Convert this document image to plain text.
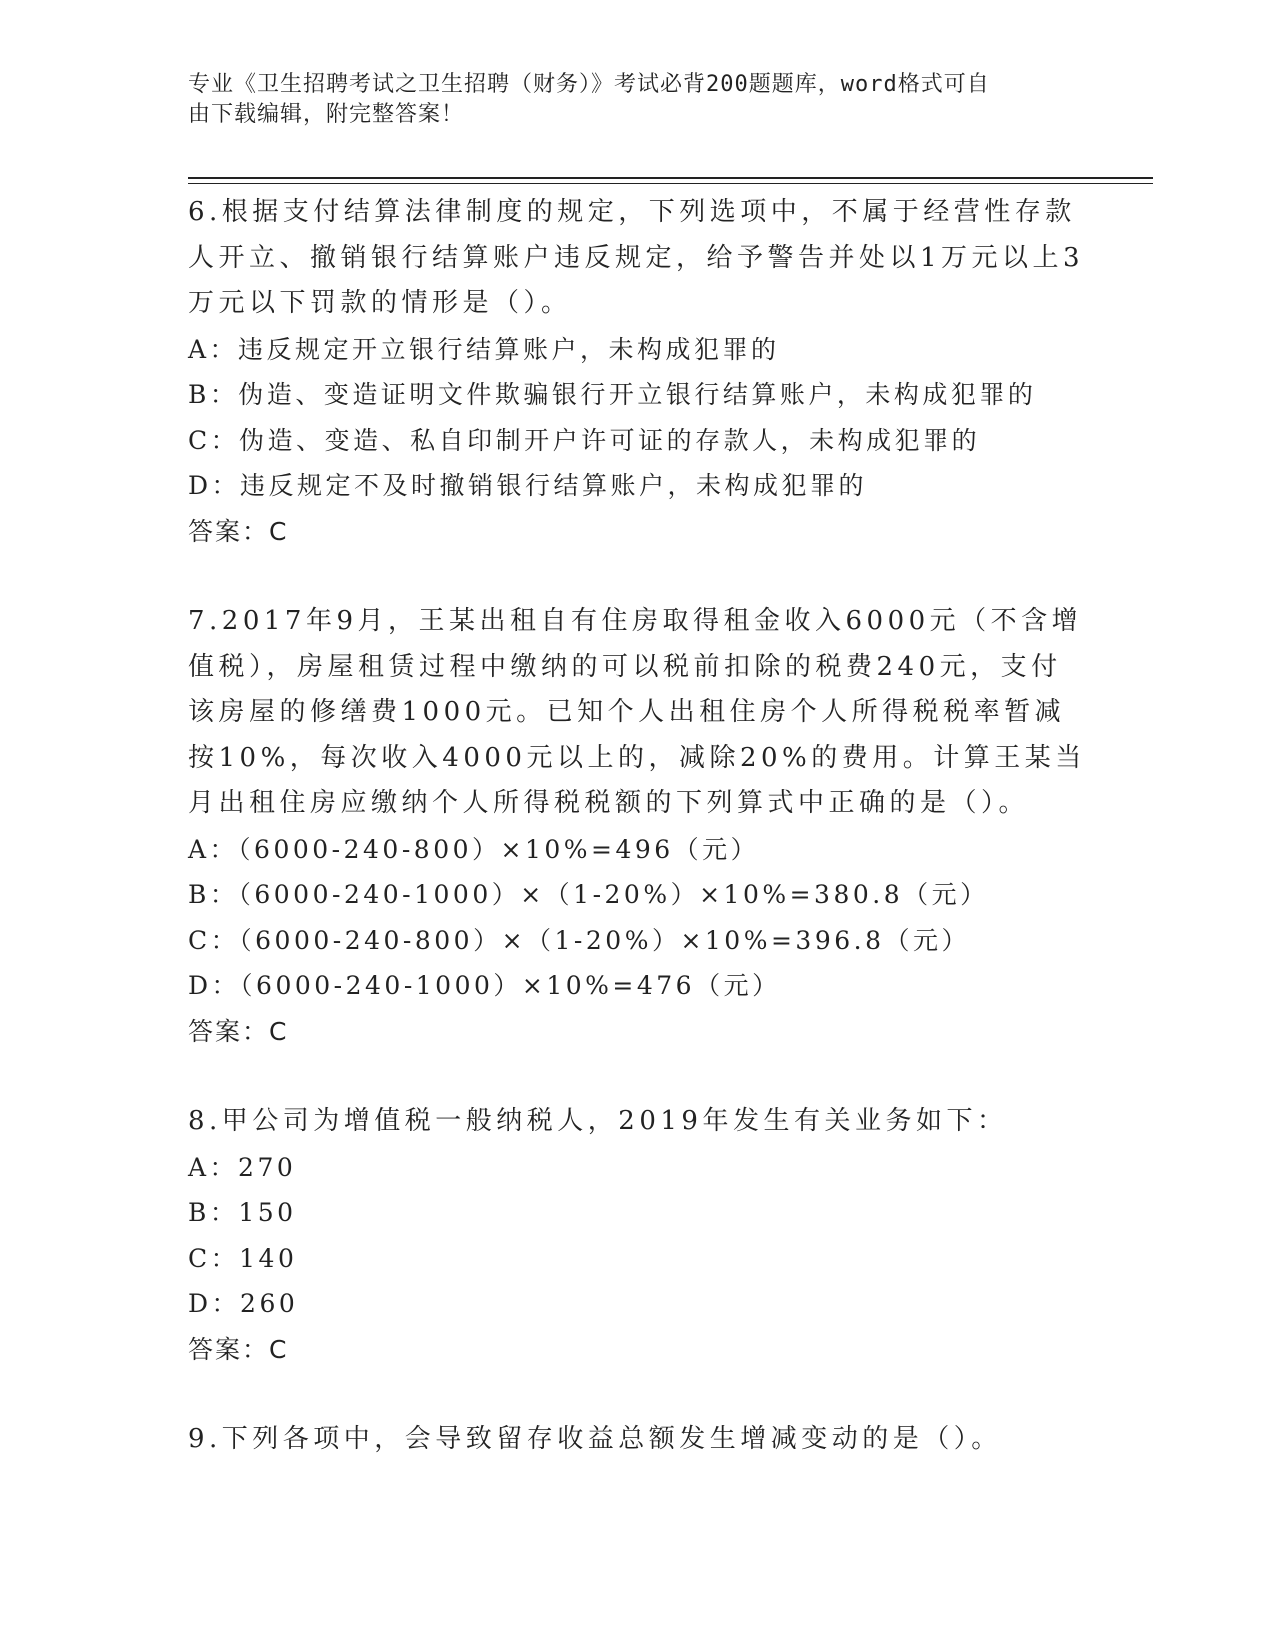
专业《卫生招聘考试之卫生招聘（财务）》考试必背200题题库，word格式可自
由下载编辑，附完整答案！

6.根据支付结算法律制度的规定，下列选项中，不属于经营性存款人开立、撤销银行结算账户违反规定，给予警告并处以1万元以上3万元以下罚款的情形是（）。

A：违反规定开立银行结算账户，未构成犯罪的

B：伪造、变造证明文件欺骗银行开立银行结算账户，未构成犯罪的

C：伪造、变造、私自印制开户许可证的存款人，未构成犯罪的

D：违反规定不及时撤销银行结算账户，未构成犯罪的

答案：C

7.2017年9月，王某出租自有住房取得租金收入6000元（不含增值税），房屋租赁过程中缴纳的可以税前扣除的税费240元，支付该房屋的修缮费1000元。已知个人出租住房个人所得税税率暂减按10%，每次收入4000元以上的，减除20%的费用。计算王某当月出租住房应缴纳个人所得税税额的下列算式中正确的是（）。

A：（6000-240-800）×10%=496（元）

B：（6000-240-1000）×（1-20%）×10%=380.8（元）

C：（6000-240-800）×（1-20%）×10%=396.8（元）

D：（6000-240-1000）×10%=476（元）

答案：C

8.甲公司为增值税一般纳税人，2019年发生有关业务如下：

A：270

B：150

C：140

D：260

答案：C

9.下列各项中，会导致留存收益总额发生增减变动的是（）。
